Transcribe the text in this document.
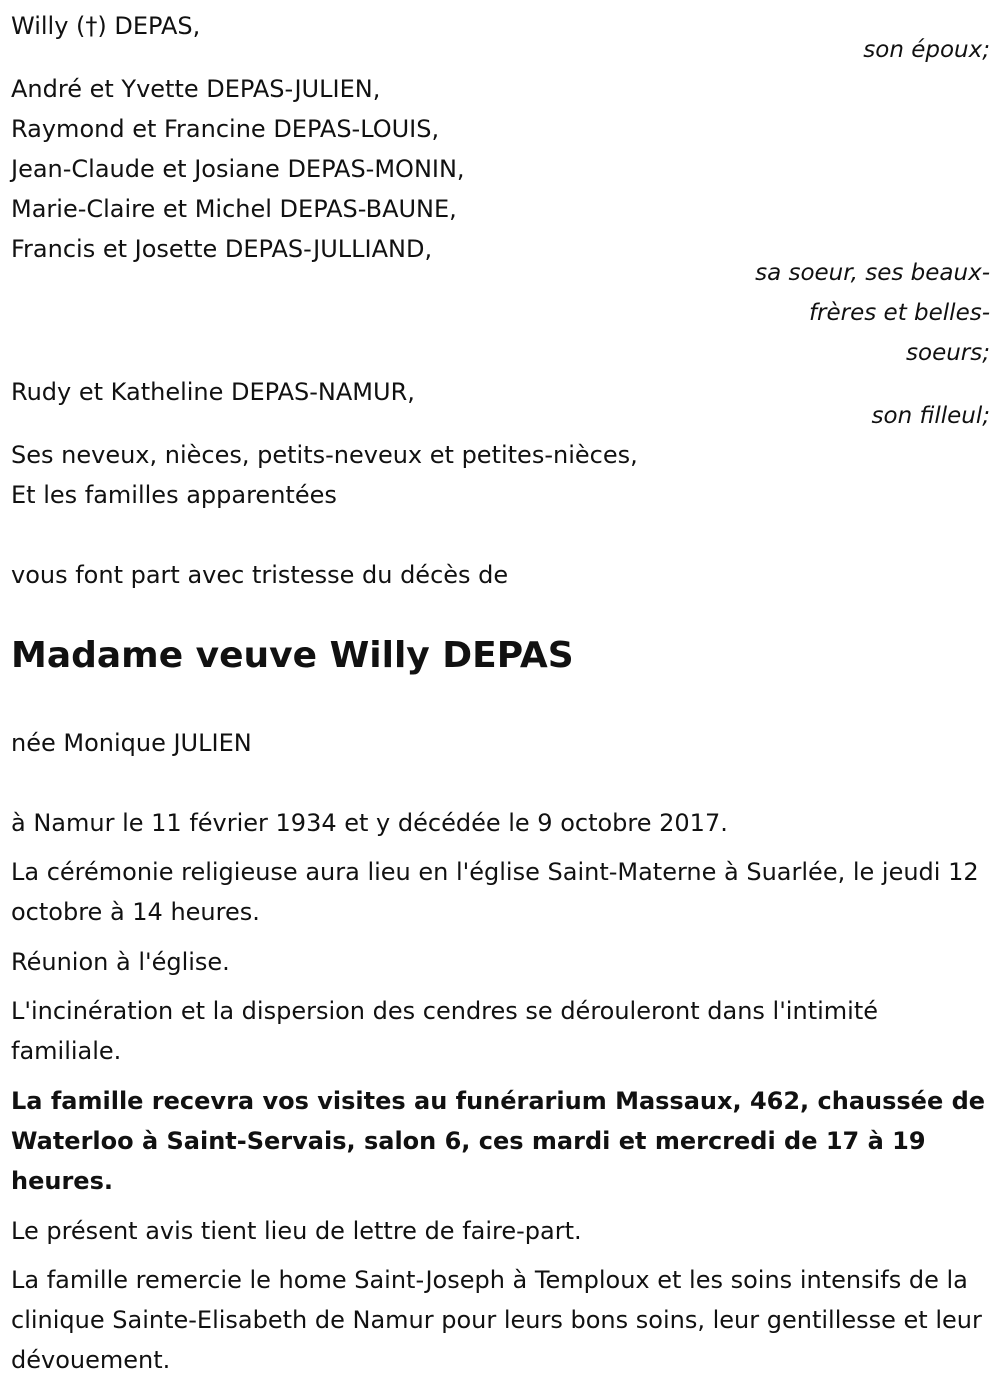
Willy (†) DEPAS,
son époux;
André et Yvette DEPAS-JULIEN,
Raymond et Francine DEPAS-LOUIS,
Jean-Claude et Josiane DEPAS-MONIN,
Marie-Claire et Michel DEPAS-BAUNE,
Francis et Josette DEPAS-JULLIAND,
sa soeur, ses beaux-
frères et belles-
soeurs;
Rudy et Katheline DEPAS-NAMUR,
son filleul;
Ses neveux, nièces, petits-neveux et petites-nièces,
Et les familles apparentées
vous font part avec tristesse du décès de
Madame veuve Willy DEPAS
née Monique JULIEN
à Namur le 11 février 1934 et y décédée le 9 octobre 2017.
La cérémonie religieuse aura lieu en l'église Saint-Materne à Suarlée, le jeudi 12 octobre à 14 heures.
Réunion à l'église.
L'incinération et la dispersion des cendres se dérouleront dans l'intimité familiale.
La famille recevra vos visites au funérarium Massaux, 462, chaussée de Waterloo à Saint-Servais, salon 6, ces mardi et mercredi de 17 à 19 heures.
Le présent avis tient lieu de lettre de faire-part.
La famille remercie le home Saint-Joseph à Temploux et les soins intensifs de la clinique Sainte-Elisabeth de Namur pour leurs bons soins, leur gentillesse et leur dévouement.
